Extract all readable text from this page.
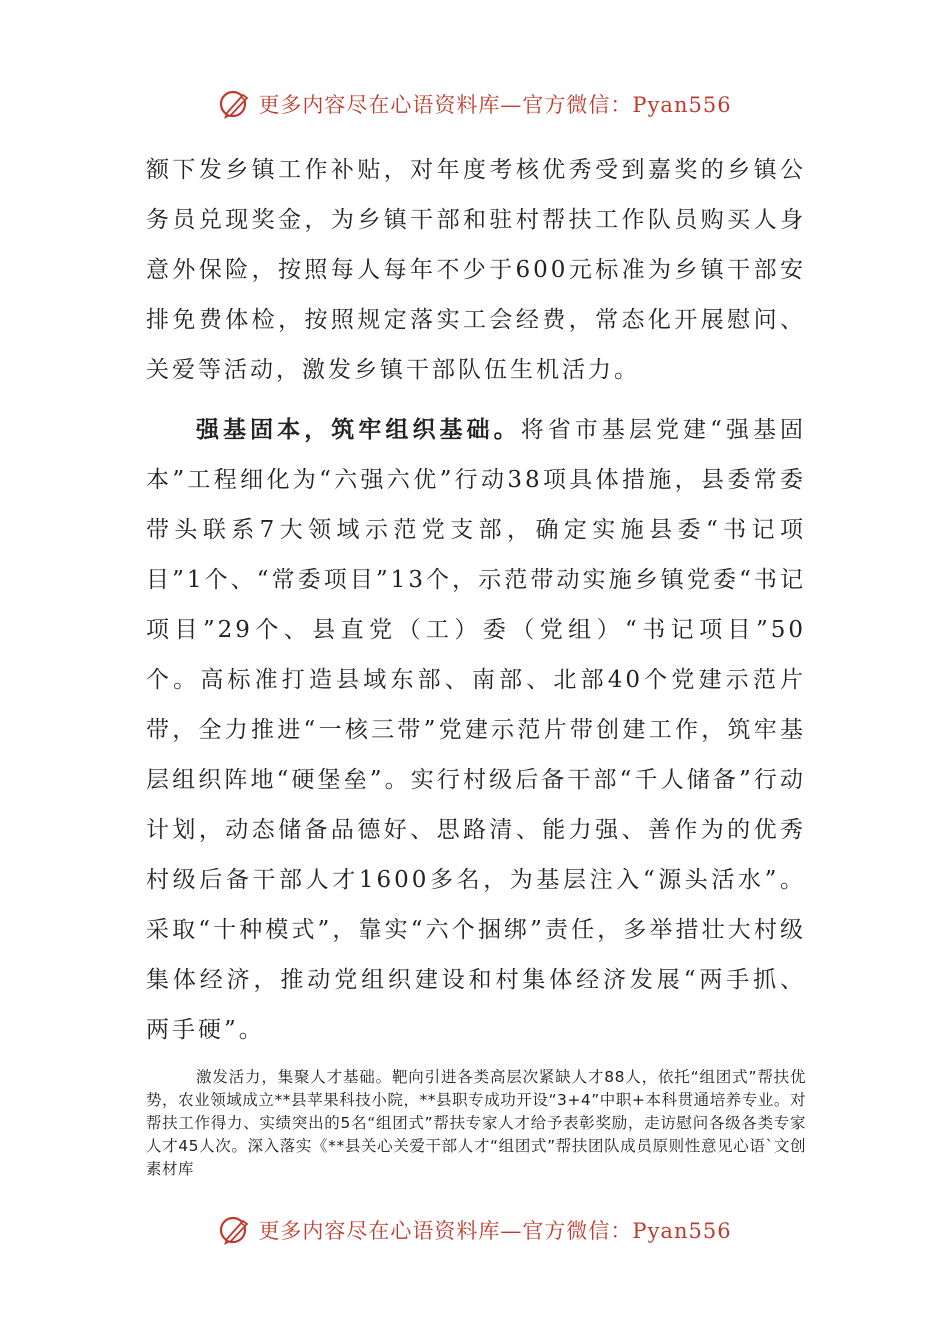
更多内容尽在心语资料库—官方微信：Pyan556

额下发乡镇工作补贴，对年度考核优秀受到嘉奖的乡镇公务员兑现奖金，为乡镇干部和驻村帮扶工作队员购买人身意外保险，按照每人每年不少于600元标准为乡镇干部安排免费体检，按照规定落实工会经费，常态化开展慰问、关爱等活动，激发乡镇干部队伍生机活力。

强基固本，筑牢组织基础。将省市基层党建“强基固本”工程细化为“六强六优”行动38项具体措施，县委常委带头联系7大领域示范党支部，确定实施县委“书记项目”1个、“常委项目”13个，示范带动实施乡镇党委“书记项目”29个、县直党（工）委（党组）“书记项目”50个。高标准打造县域东部、南部、北部40个党建示范片带，全力推进“一核三带”党建示范片带创建工作，筑牢基层组织阵地“硬堡垒”。实行村级后备干部“千人储备”行动计划，动态储备品德好、思路清、能力强、善作为的优秀村级后备干部人才1600多名，为基层注入“源头活水”。采取“十种模式”，靠实“六个捆绑”责任，多举措壮大村级集体经济，推动党组织建设和村集体经济发展“两手抓、两手硬”。

激发活力，集聚人才基础。靶向引进各类高层次紧缺人才88人，依托“组团式”帮扶优势，农业领域成立**县苹果科技小院，**县职专成功开设“3+4”中职+本科贯通培养专业。对帮扶工作得力、实绩突出的5名“组团式”帮扶专家人才给予表彰奖励，走访慰问各级各类专家人才45人次。深入落实《**县关心关爱干部人才“组团式”帮扶团队成员原则性意见心语`文创素材库

更多内容尽在心语资料库—官方微信：Pyan556
